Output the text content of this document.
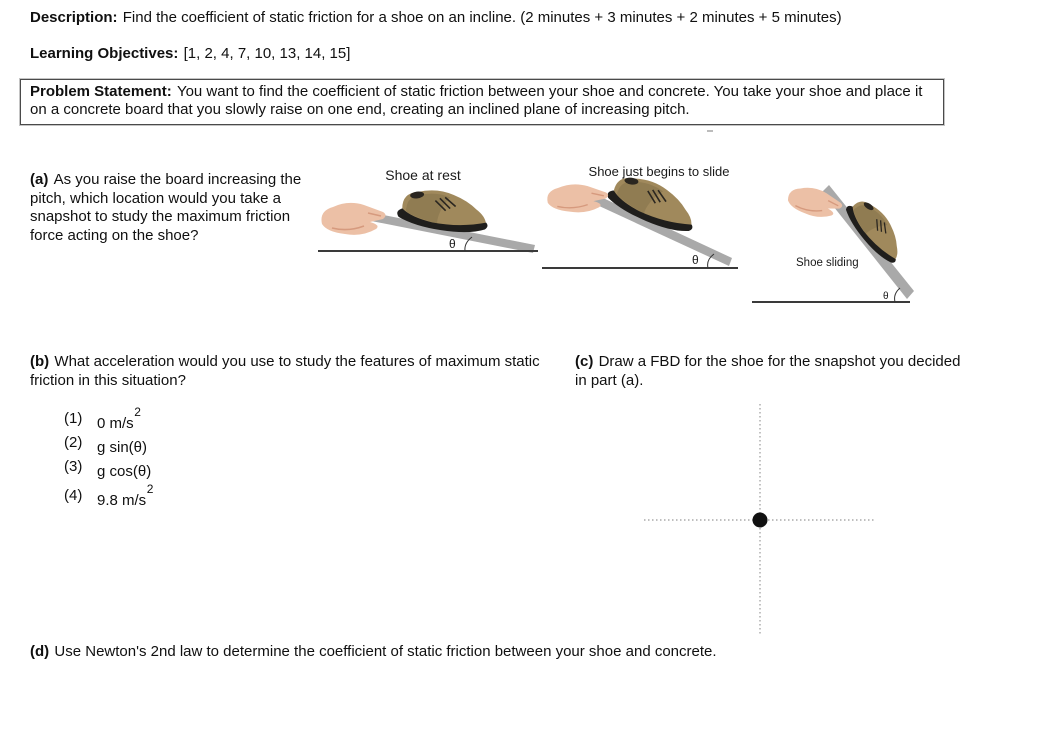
Description: Find the coefficient of static friction for a shoe on an incline. (2 minutes + 3 minutes + 2 minutes + 5 minutes)

Learning Objectives: [1, 2, 4, 7, 10, 13, 14, 15]

Problem Statement: You want to find the coefficient of static friction between your shoe and concrete. You take your shoe and place it on a concrete board that you slowly raise on one end, creating an inclined plane of increasing pitch.

(a) As you raise the board increasing the pitch, which location would you take a snapshot to study the maximum friction force acting on the shoe?

Shoe at rest
θ
Shoe just begins to slide
θ	Shoe sliding
θ

(b) What acceleration would you use to study the features of maximum static friction in this situation?

(c) Draw a FBD for the shoe for the snapshot you decided in part (a).

(1) 0 $m/s^2$
(2) g sin(θ)
(3) g cos(θ)
(4) 9.8 $m/s^2$

(d) Use Newton's 2nd law to determine the coefficient of static friction between your shoe and concrete.
